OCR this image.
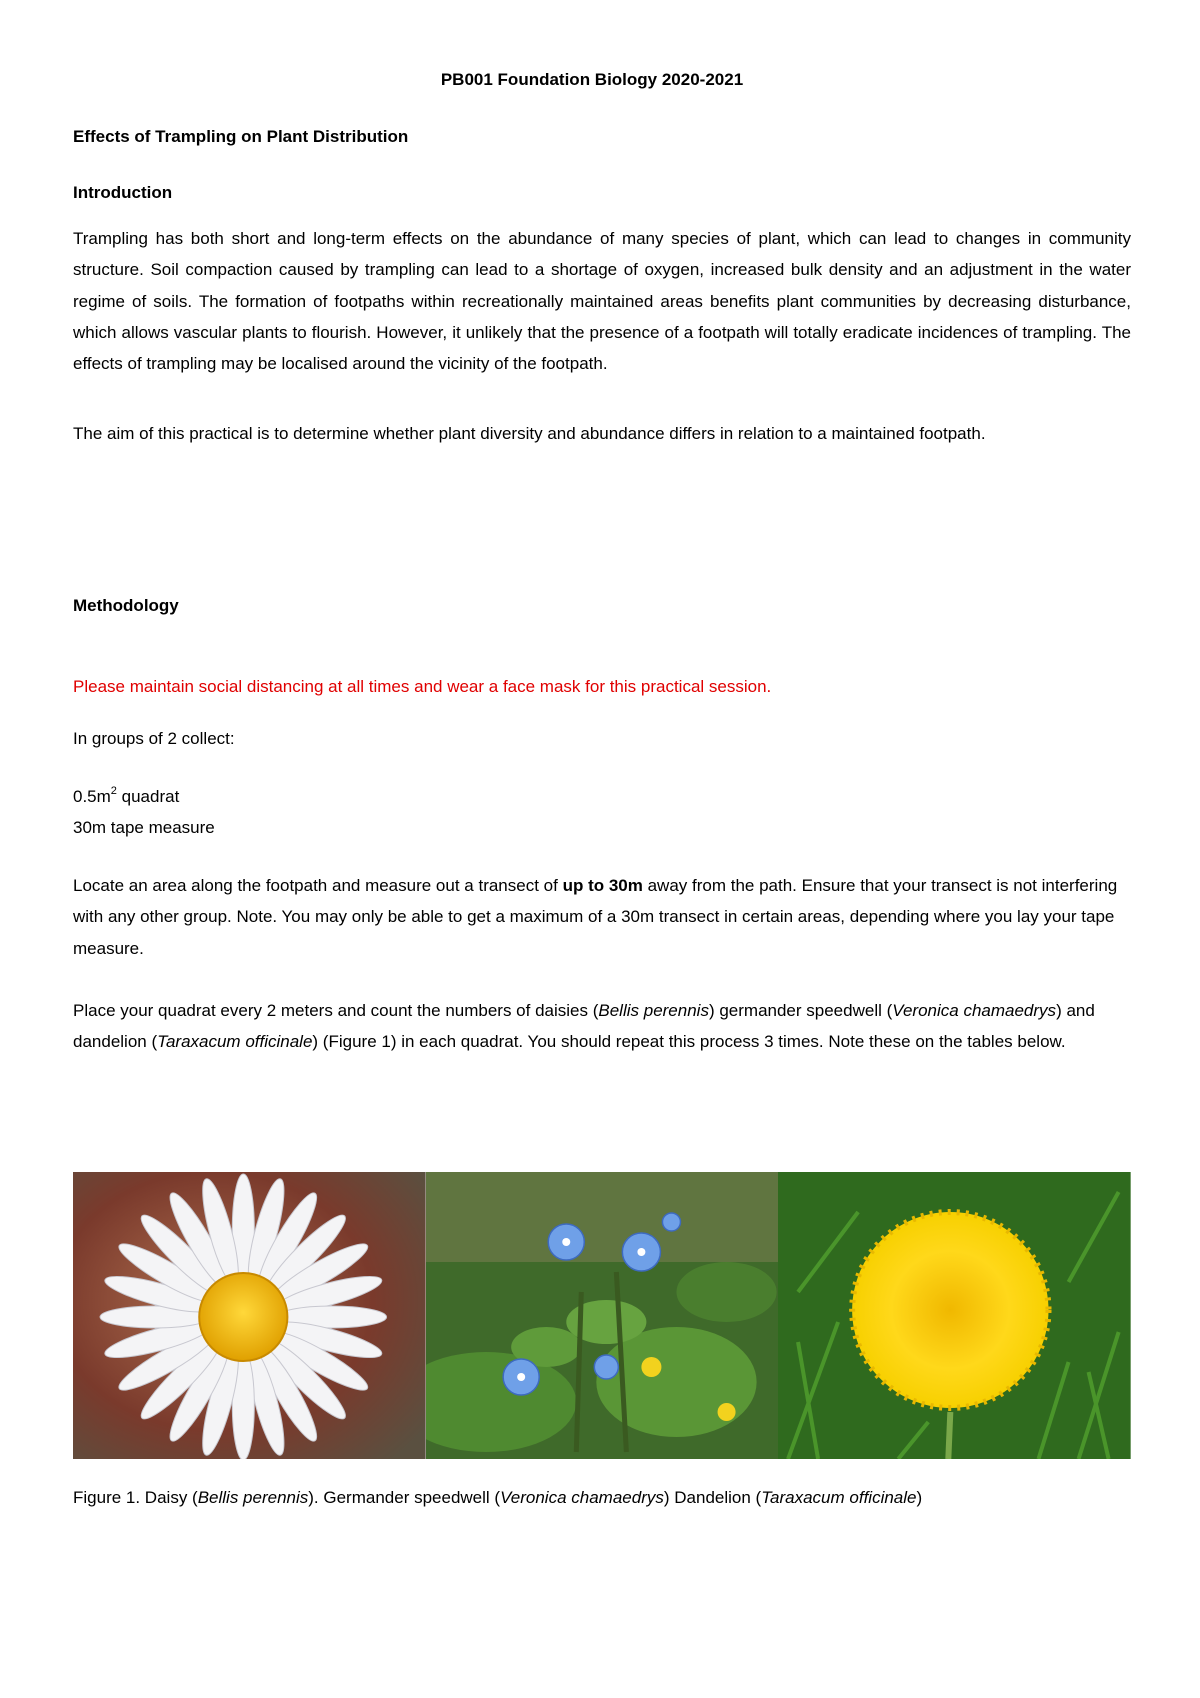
PB001 Foundation Biology 2020-2021
Effects of Trampling on Plant Distribution
Introduction
Trampling has both short and long-term effects on the abundance of many species of plant, which can lead to changes in community structure. Soil compaction caused by trampling can lead to a shortage of oxygen, increased bulk density and an adjustment in the water regime of soils. The formation of footpaths within recreationally maintained areas benefits plant communities by decreasing disturbance, which allows vascular plants to flourish. However, it unlikely that the presence of a footpath will totally eradicate incidences of trampling. The effects of trampling may be localised around the vicinity of the footpath.
The aim of this practical is to determine whether plant diversity and abundance differs in relation to a maintained footpath.
Methodology
Please maintain social distancing at all times and wear a face mask for this practical session.
In groups of 2 collect:
$0.5m^2$ quadrat
30m tape measure
Locate an area along the footpath and measure out a transect of up to 30m away from the path. Ensure that your transect is not interfering with any other group. Note. You may only be able to get a maximum of a 30m transect in certain areas, depending where you lay your tape measure.
Place your quadrat every 2 meters and count the numbers of daisies (Bellis perennis) germander speedwell (Veronica chamaedrys) and dandelion (Taraxacum officinale) (Figure 1) in each quadrat. You should repeat this process 3 times. Note these on the tables below.
Figure 1. Daisy (Bellis perennis). Germander speedwell (Veronica chamaedrys) Dandelion (Taraxacum officinale)
